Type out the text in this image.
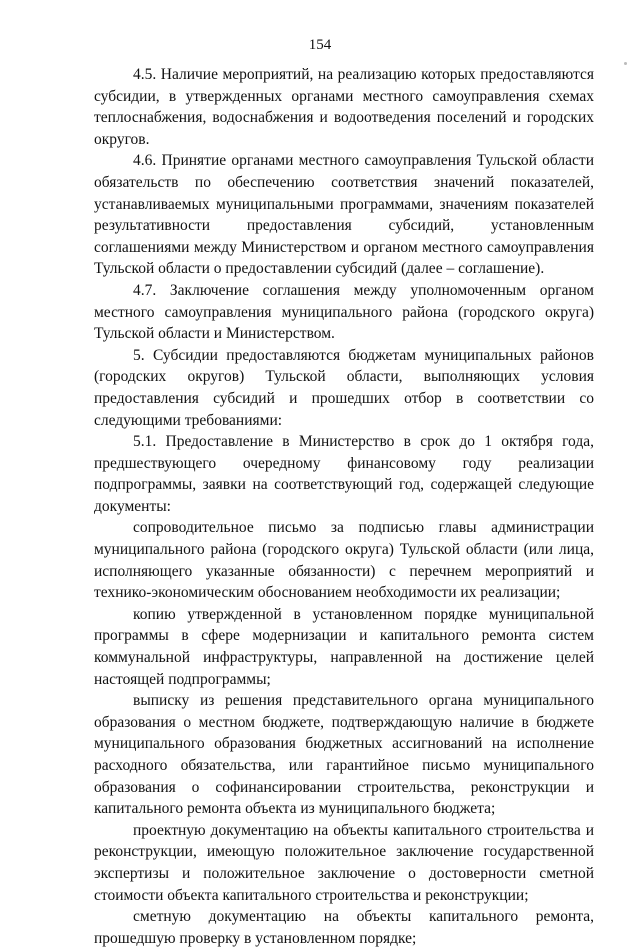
154

4.5. Наличие мероприятий, на реализацию которых предоставляются субсидии, в утвержденных органами местного самоуправления схемах теплоснабжения, водоснабжения и водоотведения поселений и городских округов.

4.6. Принятие органами местного самоуправления Тульской области обязательств по обеспечению соответствия значений показателей, устанавливаемых муниципальными программами, значениям показателей результативности предоставления субсидий, установленным соглашениями между Министерством и органом местного самоуправления Тульской области о предоставлении субсидий (далее – соглашение).

4.7. Заключение соглашения между уполномоченным органом местного самоуправления муниципального района (городского округа) Тульской области и Министерством.

5. Субсидии предоставляются бюджетам муниципальных районов (городских округов) Тульской области, выполняющих условия предоставления субсидий и прошедших отбор в соответствии со следующими требованиями:

5.1. Предоставление в Министерство в срок до 1 октября года, предшествующего очередному финансовому году реализации подпрограммы, заявки на соответствующий год, содержащей следующие документы:

сопроводительное письмо за подписью главы администрации муниципального района (городского округа) Тульской области (или лица, исполняющего указанные обязанности) с перечнем мероприятий и технико-экономическим обоснованием необходимости их реализации;

копию утвержденной в установленном порядке муниципальной программы в сфере модернизации и капитального ремонта систем коммунальной инфраструктуры, направленной на достижение целей настоящей подпрограммы;

выписку из решения представительного органа муниципального образования о местном бюджете, подтверждающую наличие в бюджете муниципального образования бюджетных ассигнований на исполнение расходного обязательства, или гарантийное письмо муниципального образования о софинансировании строительства, реконструкции и капитального ремонта объекта из муниципального бюджета;

проектную документацию на объекты капитального строительства и реконструкции, имеющую положительное заключение государственной экспертизы и положительное заключение о достоверности сметной стоимости объекта капитального строительства и реконструкции;

сметную документацию на объекты капитального ремонта, прошедшую проверку в установленном порядке;
